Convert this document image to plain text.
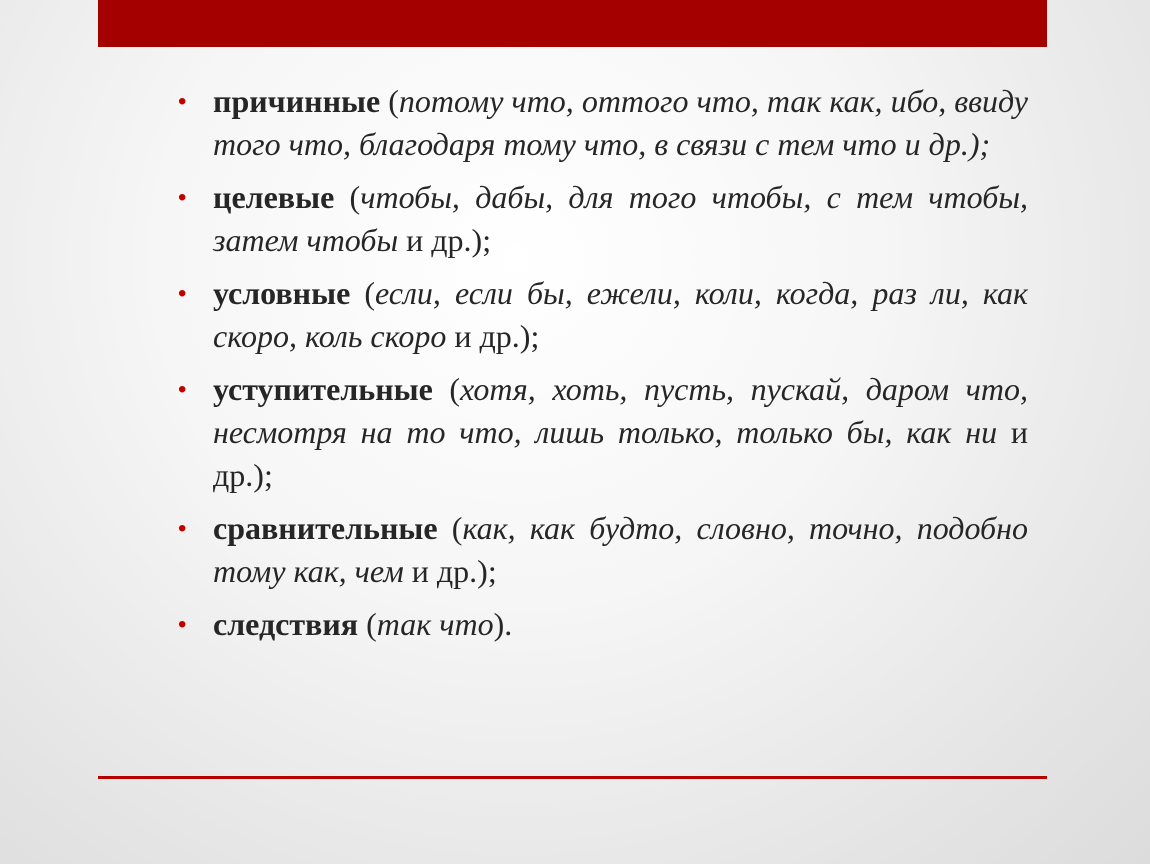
• причинные (потому что, оттого что, так как, ибо, ввиду того что, благодаря тому что, в связи с тем что и др.);
• целевые (чтобы, дабы, для того чтобы, с тем чтобы, затем чтобы и др.);
• условные (если, если бы, ежели, коли, когда, раз ли, как скоро, коль скоро и др.);
• уступительные (хотя, хоть, пусть, пускай, даром что, несмотря на то что, лишь только, только бы, как ни и др.);
• сравнительные (как, как будто, словно, точно, подобно тому как, чем и др.);
• следствия (так что).
